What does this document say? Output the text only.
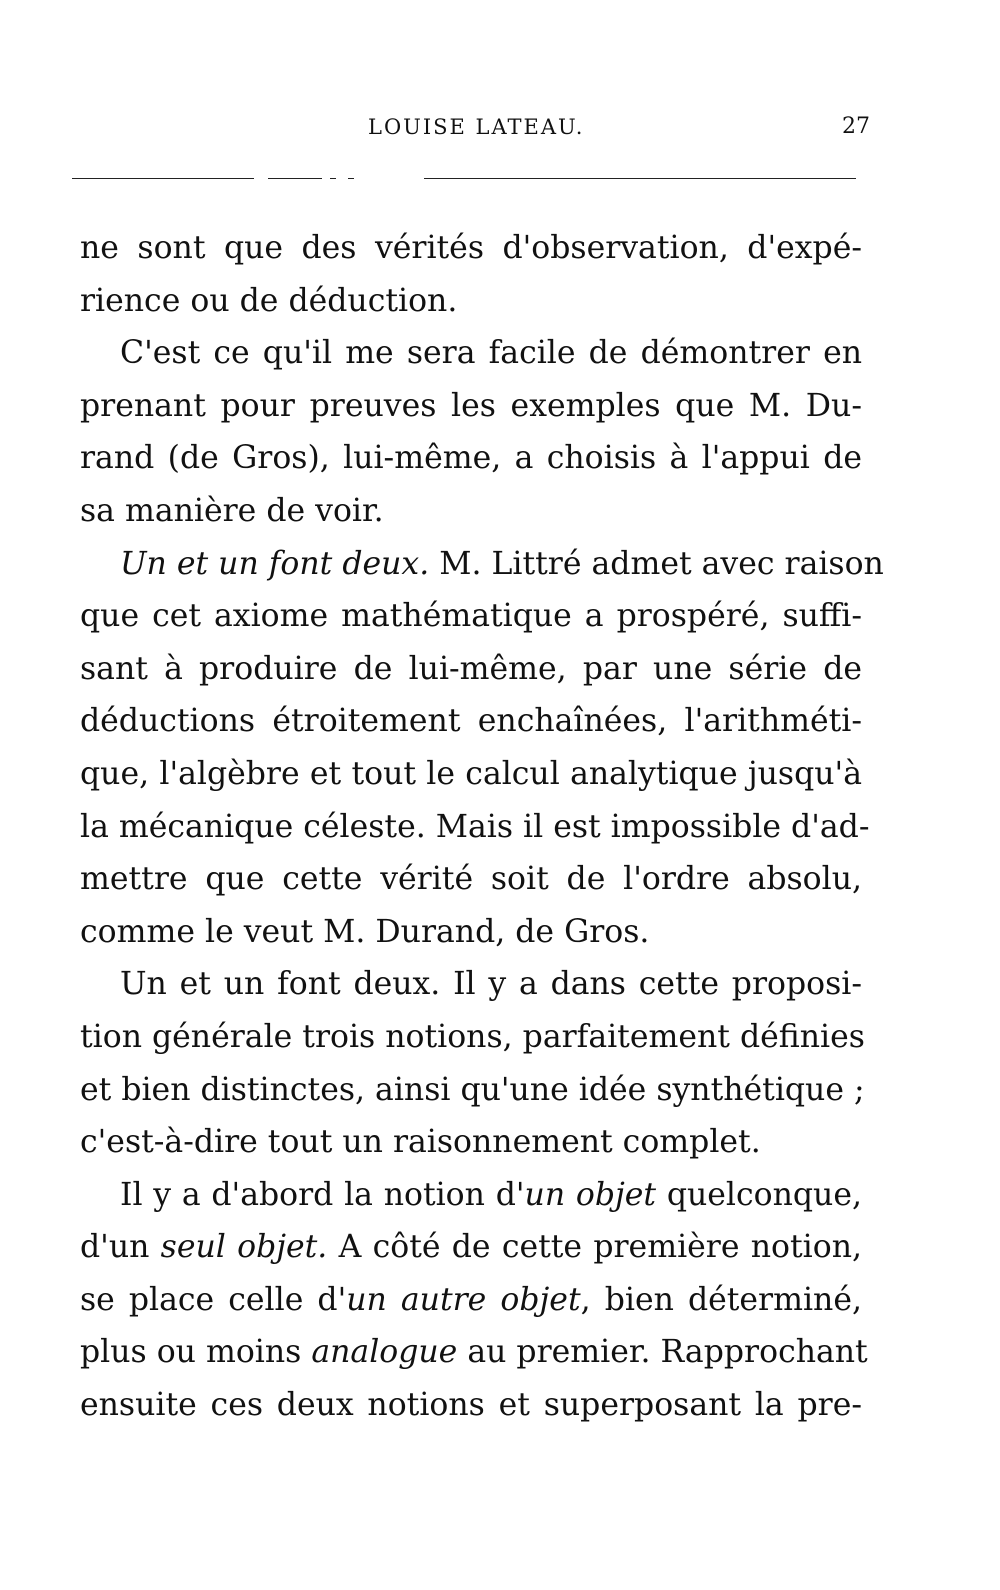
LOUISE LATEAU.	27
ne sont que des vérités d'observation, d'expé-
rience ou de déduction.
C'est ce qu'il me sera facile de démontrer en
prenant pour preuves les exemples que M. Du-
rand (de Gros), lui-même, a choisis à l'appui de
sa manière de voir.
Un et un font deux. M. Littré admet avec raison
que cet axiome mathématique a prospéré, suffi-
sant à produire de lui-même, par une série de
déductions étroitement enchaînées, l'arithméti-
que, l'algèbre et tout le calcul analytique jusqu'à
la mécanique céleste. Mais il est impossible d'ad-
mettre que cette vérité soit de l'ordre absolu,
comme le veut M. Durand, de Gros.
Un et un font deux. Il y a dans cette proposi-
tion générale trois notions, parfaitement définies
et bien distinctes, ainsi qu'une idée synthétique ;
c'est-à-dire tout un raisonnement complet.
Il y a d'abord la notion d'un objet quelconque,
d'un seul objet. A côté de cette première notion,
se place celle d'un autre objet, bien déterminé,
plus ou moins analogue au premier. Rapprochant
ensuite ces deux notions et superposant la pre-
